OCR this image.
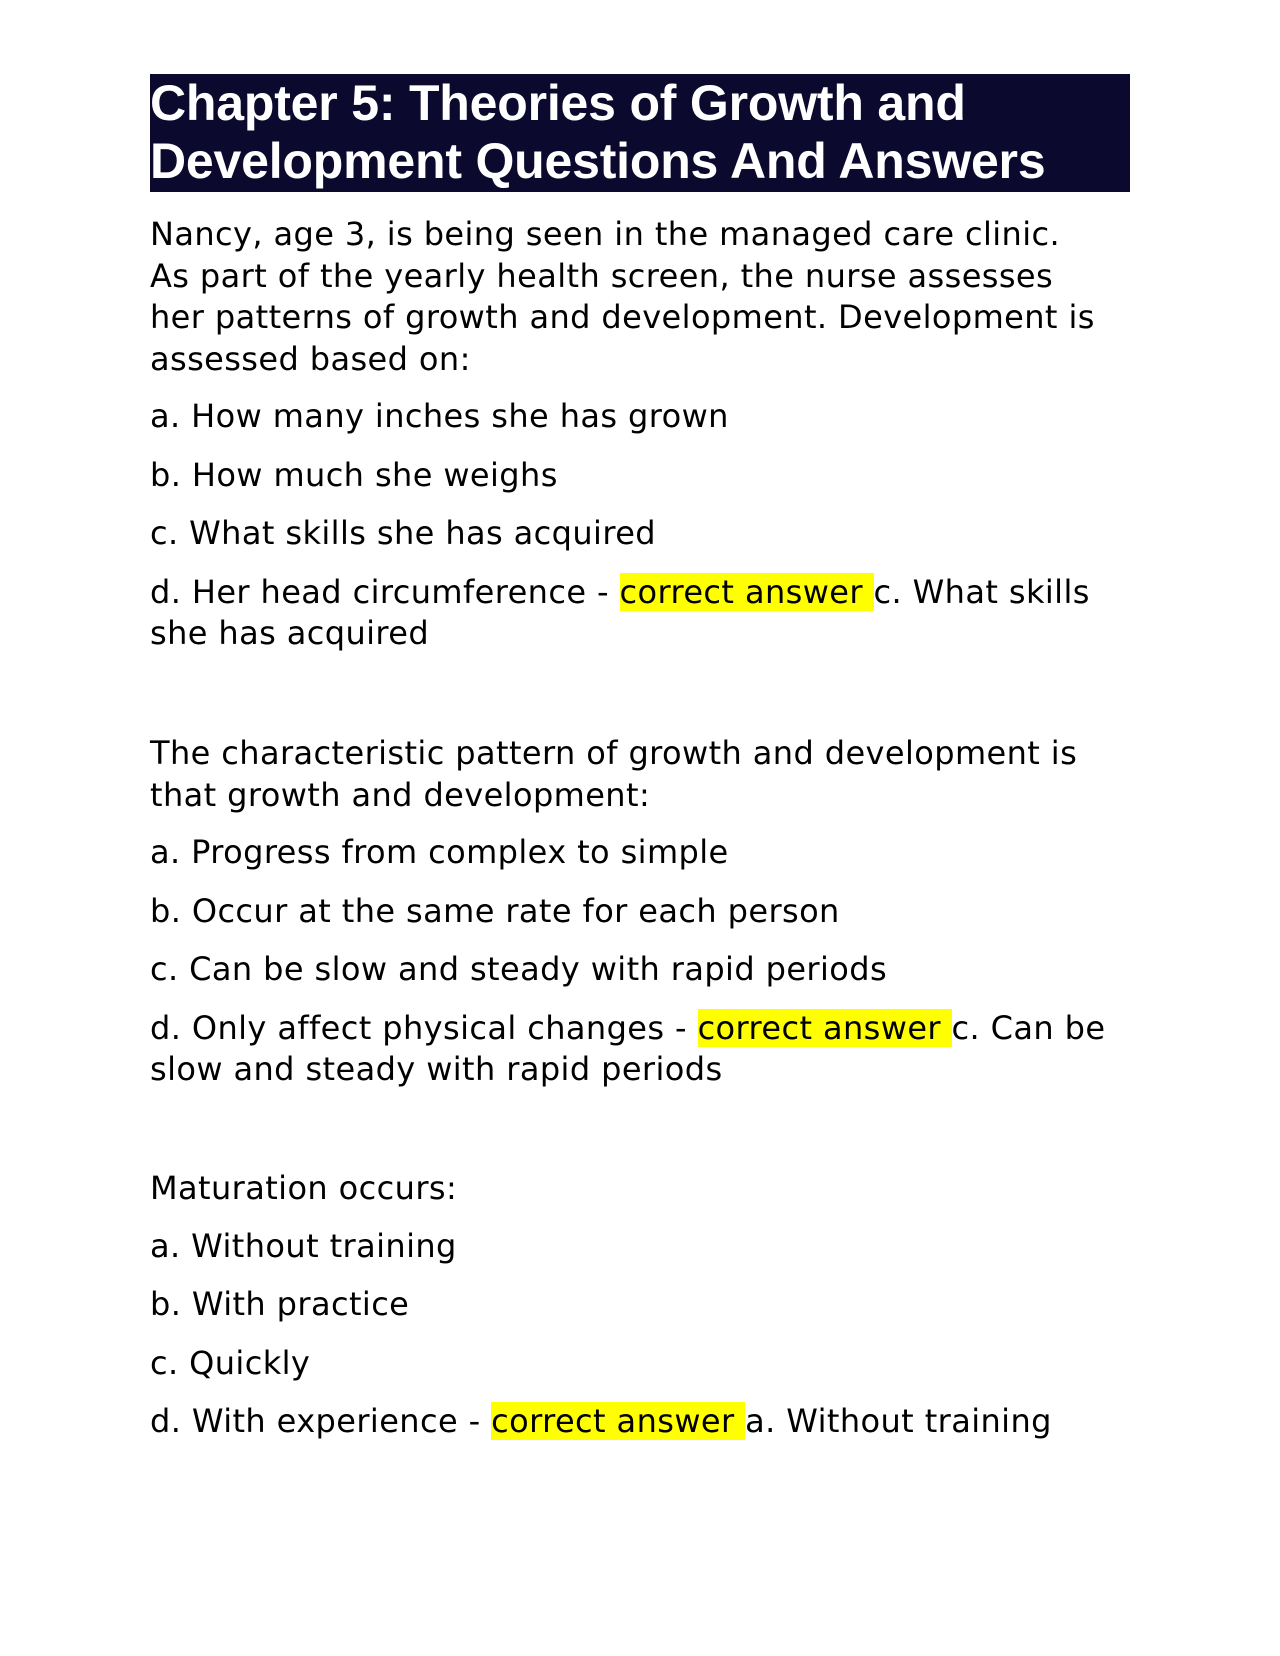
Chapter 5: Theories of Growth and
Development Questions And Answers

Nancy, age 3, is being seen in the managed care clinic.
As part of the yearly health screen, the nurse assesses
her patterns of growth and development. Development is
assessed based on:

a. How many inches she has grown

b. How much she weighs

c. What skills she has acquired

d. Her head circumference - correct answer c. What skills
she has acquired

The characteristic pattern of growth and development is
that growth and development:

a. Progress from complex to simple

b. Occur at the same rate for each person

c. Can be slow and steady with rapid periods

d. Only affect physical changes - correct answer c. Can be
slow and steady with rapid periods

Maturation occurs:

a. Without training

b. With practice

c. Quickly

d. With experience - correct answer a. Without training
